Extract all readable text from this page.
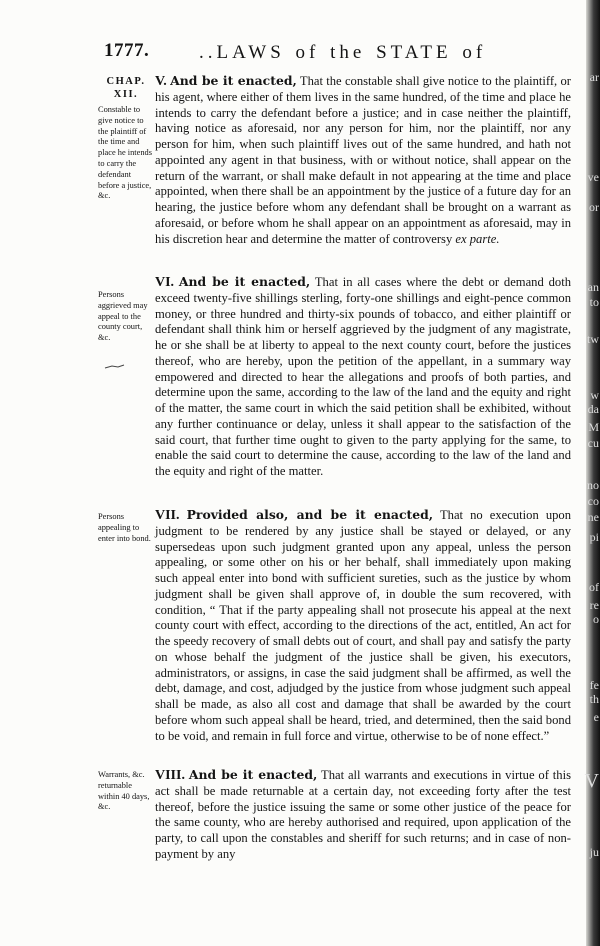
1777.	..LAWS of the STATE of
CHAP.
XII.
Constable to give notice to the plaintiff of the time and place he intends to carry the defendant before a justice, &c.
V. And be it enacted, That the constable shall give notice to the plaintiff, or his agent, where either of them lives in the same hundred, of the time and place he intends to carry the defendant before a justice; and in case neither the plaintiff, having notice as aforesaid, nor any person for him, nor the plaintiff, nor any person for him, when such plaintiff lives out of the same hundred, and hath not appointed any agent in that business, with or without notice, shall appear on the return of the warrant, or shall make default in not appearing at the time and place appointed, when there shall be an appointment by the justice of a future day for an hearing, the justice before whom any defendant shall be brought on a warrant as aforesaid, or before whom he shall appear on an appointment as aforesaid, may in his discretion hear and determine the matter of controversy ex parte.
Persons aggrieved may appeal to the county court, &c.
VI. And be it enacted, That in all cases where the debt or demand doth exceed twenty-five shillings sterling, forty-one shillings and eight-pence common money, or three hundred and thirty-six pounds of tobacco, and either plaintiff or defendant shall think him or herself aggrieved by the judgment of any magistrate, he or she shall be at liberty to appeal to the next county court, before the justices thereof, who are hereby, upon the petition of the appellant, in a summary way empowered and directed to hear the allegations and proofs of both parties, and determine upon the same, according to the law of the land and the equity and right of the matter, the same court in which the said petition shall be exhibited, without any further continuance or delay, unless it shall appear to the satisfaction of the said court, that further time ought to given to the party applying for the same, to enable the said court to determine the cause, according to the law of the land and the equity and right of the matter.
Persons appealing to enter into bond.
VII. Provided also, and be it enacted, That no execution upon judgment to be rendered by any justice shall be stayed or delayed, or any supersedeas upon such judgment granted upon any appeal, unless the person appealing, or some other on his or her behalf, shall immediately upon making such appeal enter into bond with sufficient sureties, such as the justice by whom judgment shall be given shall approve of, in double the sum recovered, with condition, “ That if the party appealing shall not prosecute his appeal at the next county court with effect, according to the directions of the act, entitled, An act for the speedy recovery of small debts out of court, and shall pay and satisfy the party on whose behalf the judgment of the justice shall be given, his executors, administrators, or assigns, in case the said judgment shall be affirmed, as well the debt, damage, and cost, adjudged by the justice from whose judgment such appeal shall be made, as also all cost and damage that shall be awarded by the court before whom such appeal shall be heard, tried, and determined, then the said bond to be void, and remain in full force and virtue, otherwise to be of none effect.”
Warrants, &c. returnable within 40 days, &c.
VIII. And be it enacted, That all warrants and executions in virtue of this act shall be made returnable at a certain day, not exceeding forty after the test thereof, before the justice issuing the same or some other justice of the peace for the same county, who are hereby authorised and required, upon application of the party, to call upon the constables and sheriff for such returns; and in case of non-payment by any
ar
ve
or
an
tw
to
w
da
M
cu
no
co
ne
pi
of
re
o
fe
th
e
V
ju
